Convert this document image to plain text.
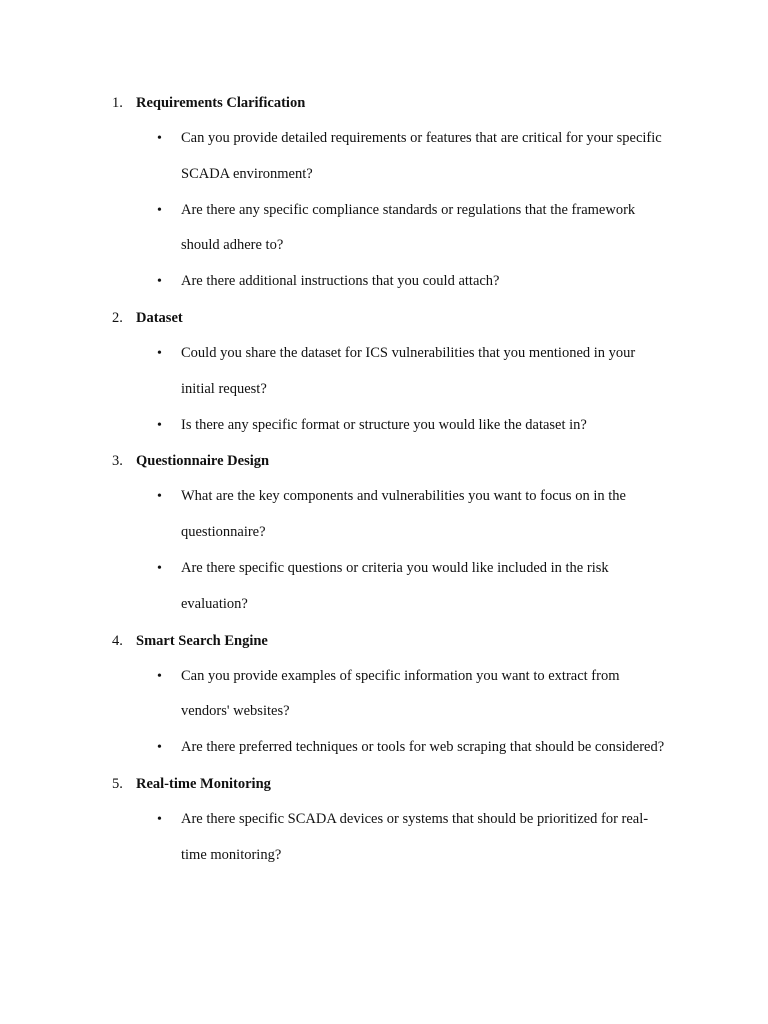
1. Requirements Clarification
• Can you provide detailed requirements or features that are critical for your specific SCADA environment?
• Are there any specific compliance standards or regulations that the framework should adhere to?
• Are there additional instructions that you could attach?
2. Dataset
• Could you share the dataset for ICS vulnerabilities that you mentioned in your initial request?
• Is there any specific format or structure you would like the dataset in?
3. Questionnaire Design
• What are the key components and vulnerabilities you want to focus on in the questionnaire?
• Are there specific questions or criteria you would like included in the risk evaluation?
4. Smart Search Engine
• Can you provide examples of specific information you want to extract from vendors' websites?
• Are there preferred techniques or tools for web scraping that should be considered?
5. Real-time Monitoring
• Are there specific SCADA devices or systems that should be prioritized for real-time monitoring?
